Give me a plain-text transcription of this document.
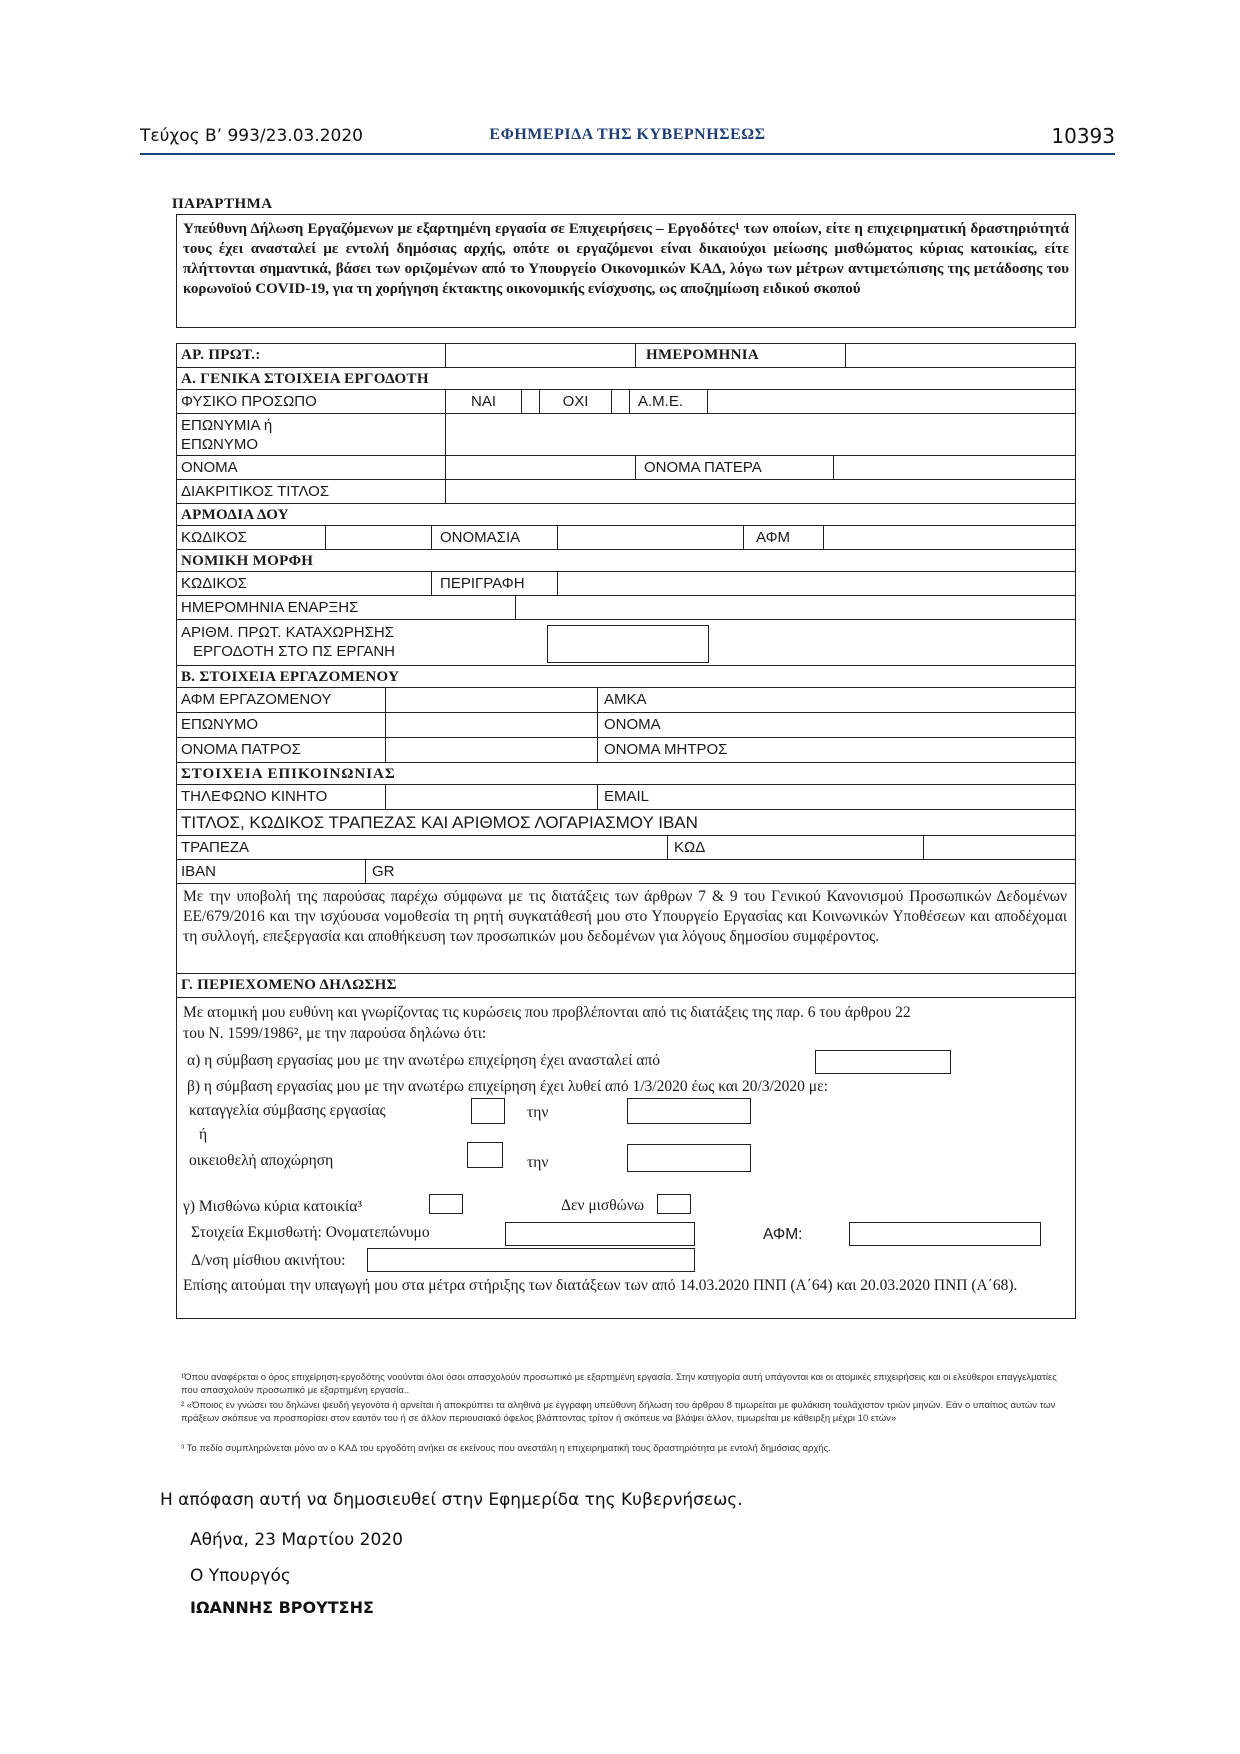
Τεύχος B’ 993/23.03.2020	ΕΦΗΜΕΡΙΔΑ ΤΗΣ ΚΥΒΕΡΝΗΣΕΩΣ	10393
ΠΑΡΑΡΤΗΜΑ
Υπεύθυνη Δήλωση Εργαζόμενων με εξαρτημένη εργασία σε Επιχειρήσεις – Εργοδότες¹ των οποίων, είτε η επιχειρηματική δραστηριότητά τους έχει ανασταλεί με εντολή δημόσιας αρχής, οπότε οι εργαζόμενοι είναι δικαιούχοι μείωσης μισθώματος κύριας κατοικίας, είτε πλήττονται σημαντικά, βάσει των οριζομένων από το Υπουργείο Οικονομικών ΚΑΔ, λόγω των μέτρων αντιμετώπισης της μετάδοσης του κορωνοϊού COVID-19, για τη χορήγηση έκτακτης οικονομικής ενίσχυσης, ως αποζημίωση ειδικού σκοπού
ΑΡ. ΠΡΩΤ.:	ΗΜΕΡΟΜΗΝΙΑ
Α. ΓΕΝΙΚΑ ΣΤΟΙΧΕΙΑ ΕΡΓΟΔΟΤΗ
ΦΥΣΙΚΟ ΠΡΟΣΩΠΟ	ΝΑΙ	ΟΧΙ	Α.Μ.Ε.
ΕΠΩΝΥΜΙΑ ή
ΕΠΩΝΥΜΟ
ΟΝΟΜΑ	ΟΝΟΜΑ ΠΑΤΕΡΑ
ΔΙΑΚΡΙΤΙΚΟΣ ΤΙΤΛΟΣ
ΑΡΜΟΔΙΑ ΔΟΥ
ΚΩΔΙΚΟΣ	ΟΝΟΜΑΣΙΑ	ΑΦΜ
ΝΟΜΙΚΗ ΜΟΡΦΗ
ΚΩΔΙΚΟΣ	ΠΕΡΙΓΡΑΦΗ
ΗΜΕΡΟΜΗΝΙΑ ΕΝΑΡΞΗΣ
ΑΡΙΘΜ. ΠΡΩΤ. ΚΑΤΑΧΩΡΗΣΗΣ
ΕΡΓΟΔΟΤΗ ΣΤΟ ΠΣ ΕΡΓΑΝΗ
Β. ΣΤΟΙΧΕΙΑ ΕΡΓΑΖΟΜΕΝΟΥ
ΑΦΜ ΕΡΓΑΖΟΜΕΝΟΥ	ΑΜΚΑ
ΕΠΩΝΥΜΟ	ΟΝΟΜΑ
ΟΝΟΜΑ ΠΑΤΡΟΣ	ΟΝΟΜΑ ΜΗΤΡΟΣ
ΣΤΟΙΧΕΙΑ ΕΠΙΚΟΙΝΩΝΙΑΣ
ΤΗΛΕΦΩΝΟ ΚΙΝΗΤΟ	EMAIL
ΤΙΤΛΟΣ, ΚΩΔΙΚΟΣ ΤΡΑΠΕΖΑΣ ΚΑΙ ΑΡΙΘΜΟΣ ΛΟΓΑΡΙΑΣΜΟΥ IBAN
ΤΡΑΠΕΖΑ	ΚΩΔ
IBAN	GR
Με την υποβολή της παρούσας παρέχω σύμφωνα με τις διατάξεις των άρθρων 7 & 9 του Γενικού Κανονισμού Προσωπικών Δεδομένων ΕΕ/679/2016 και την ισχύουσα νομοθεσία τη ρητή συγκατάθεσή μου στο Υπουργείο Εργασίας και Κοινωνικών Υποθέσεων και αποδέχομαι τη συλλογή, επεξεργασία και αποθήκευση των προσωπικών μου δεδομένων για λόγους δημοσίου συμφέροντος.
Γ. ΠΕΡΙΕΧΟΜΕΝΟ ΔΗΛΩΣΗΣ
Με ατομική μου ευθύνη και γνωρίζοντας τις κυρώσεις που προβλέπονται από τις διατάξεις της παρ. 6 του άρθρου 22
του Ν. 1599/1986², με την παρούσα δηλώνω ότι:
α) η σύμβαση εργασίας μου με την ανωτέρω επιχείρηση έχει ανασταλεί από
β) η σύμβαση εργασίας μου με την ανωτέρω επιχείρηση έχει λυθεί από 1/3/2020 έως και 20/3/2020 με:
καταγγελία σύμβασης εργασίας	την
ή
οικειοθελή αποχώρηση	την
γ) Μισθώνω κύρια κατοικία³	Δεν μισθώνω
Στοιχεία Εκμισθωτή: Ονοματεπώνυμο	ΑΦΜ:
Δ/νση μίσθιου ακινήτου:
Επίσης αιτούμαι την υπαγωγή μου στα μέτρα στήριξης των διατάξεων των από 14.03.2020 ΠΝΠ (Α΄64) και 20.03.2020 ΠΝΠ (Α΄68).
¹Όπου αναφέρεται ο όρος επιχείρηση-εργοδότης νοούνται όλοι όσοι απασχολούν προσωπικό με εξαρτημένη εργασία. Στην κατηγορία αυτή υπάγονται και οι ατομικές επιχειρήσεις και οι ελεύθεροι επαγγελματίες που απασχολούν προσωπικό με εξαρτημένη εργασία..
² «Όποιος εν γνώσει του δηλώνει ψευδή γεγονότα ή αρνείται ή αποκρύπτει τα αληθινά με έγγραφη υπεύθυνη δήλωση του άρθρου 8 τιμωρείται με φυλάκιση τουλάχιστον τριών μηνών. Εάν ο υπαίτιος αυτών των πράξεων σκόπευε να προσπορίσει στον εαυτόν του ή σε άλλον περιουσιακό όφελος βλάπτοντας τρίτον ή σκόπευε να βλάψει άλλον, τιμωρείται με κάθειρξη μέχρι 10 ετών»
³ Το πεδίο συμπληρώνεται μόνο αν ο ΚΑΔ του εργοδότη ανήκει σε εκείνους που ανεστάλη η επιχειρηματική τους δραστηριότητα με εντολή δημόσιας αρχής.
Η απόφαση αυτή να δημοσιευθεί στην Εφημερίδα της Κυβερνήσεως.
Αθήνα, 23 Μαρτίου 2020
Ο Υπουργός
ΙΩΑΝΝΗΣ ΒΡΟΥΤΣΗΣ
